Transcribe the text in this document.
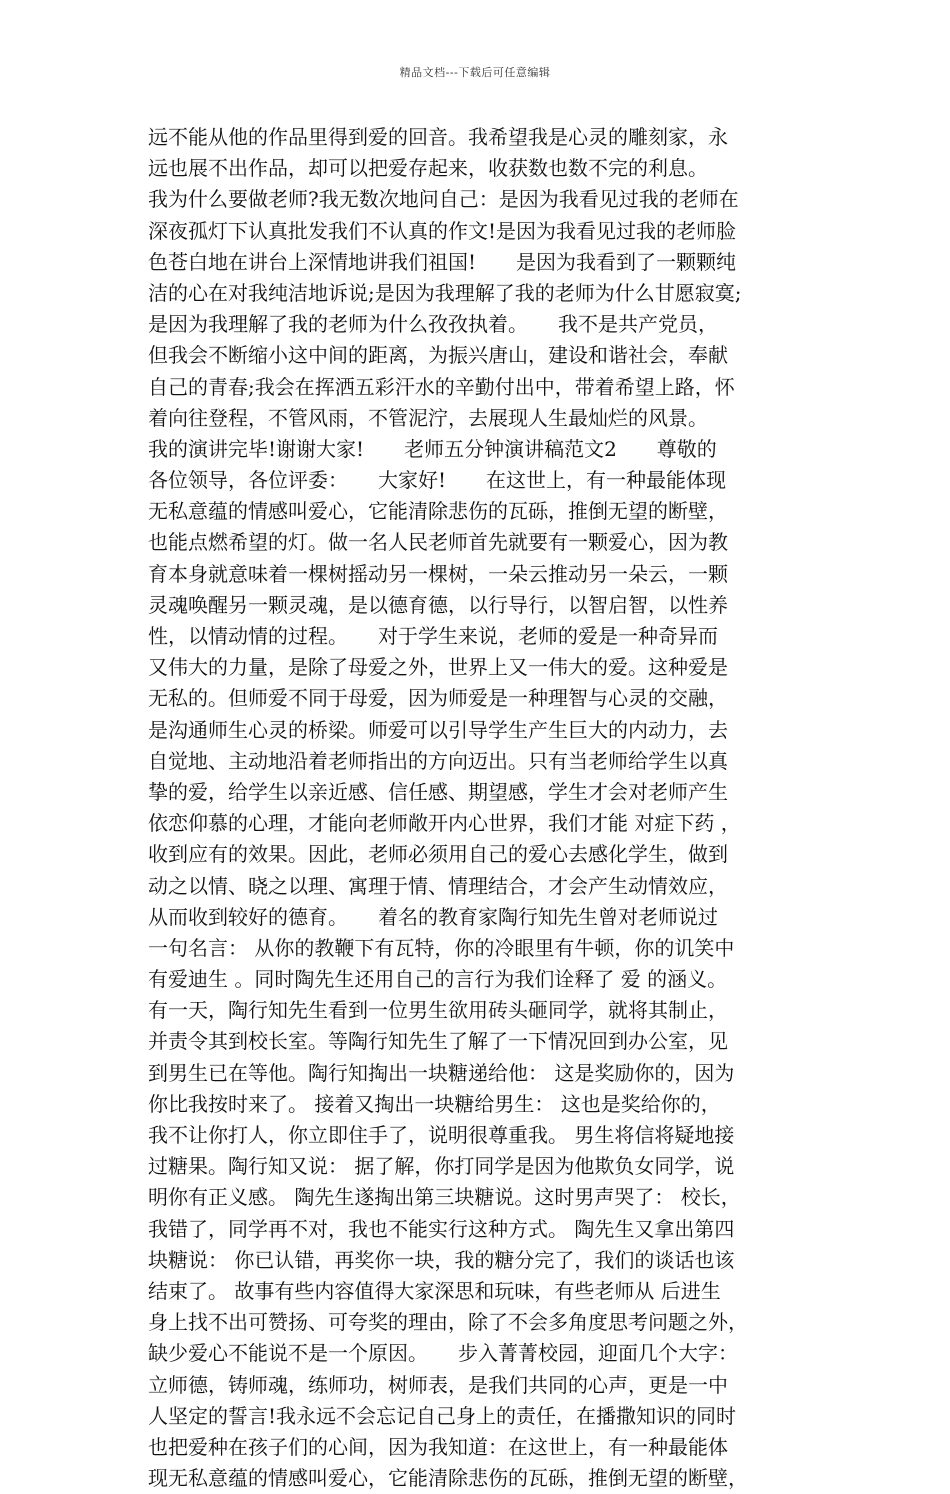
精品文档---下载后可任意编辑
远不能从他的作品里得到爱的回音。我希望我是心灵的雕刻家，永
远也展不出作品，却可以把爱存起来，收获数也数不完的利息。
我为什么要做老师?我无数次地问自己：是因为我看见过我的老师在
深夜孤灯下认真批发我们不认真的作文!是因为我看见过我的老师脸
色苍白地在讲台上深情地讲我们祖国!　　是因为我看到了一颗颗纯
洁的心在对我纯洁地诉说;是因为我理解了我的老师为什么甘愿寂寞;
是因为我理解了我的老师为什么孜孜执着。　　我不是共产党员，
但我会不断缩小这中间的距离，为振兴唐山，建设和谐社会，奉献
自己的青春;我会在挥洒五彩汗水的辛勤付出中，带着希望上路，怀
着向往登程，不管风雨，不管泥泞，去展现人生最灿烂的风景。
我的演讲完毕!谢谢大家!　　老师五分钟演讲稿范文2　　尊敬的
各位领导，各位评委：　　大家好!　　在这世上，有一种最能体现
无私意蕴的情感叫爱心，它能清除悲伤的瓦砾，推倒无望的断壁，
也能点燃希望的灯。做一名人民老师首先就要有一颗爱心，因为教
育本身就意味着一棵树摇动另一棵树，一朵云推动另一朵云，一颗
灵魂唤醒另一颗灵魂，是以德育德，以行导行，以智启智，以性养
性，以情动情的过程。　　对于学生来说，老师的爱是一种奇异而
又伟大的力量，是除了母爱之外，世界上又一伟大的爱。这种爱是
无私的。但师爱不同于母爱，因为师爱是一种理智与心灵的交融，
是沟通师生心灵的桥梁。师爱可以引导学生产生巨大的内动力，去
自觉地、主动地沿着老师指出的方向迈出。只有当老师给学生以真
挚的爱，给学生以亲近感、信任感、期望感，学生才会对老师产生
依恋仰慕的心理，才能向老师敞开内心世界，我们才能 对症下药 ，
收到应有的效果。因此，老师必须用自己的爱心去感化学生，做到
动之以情、晓之以理、寓理于情、情理结合，才会产生动情效应，
从而收到较好的德育。　　着名的教育家陶行知先生曾对老师说过
一句名言： 从你的教鞭下有瓦特，你的冷眼里有牛顿，你的讥笑中
有爱迪生 。同时陶先生还用自己的言行为我们诠释了 爱 的涵义。
有一天，陶行知先生看到一位男生欲用砖头砸同学，就将其制止，
并责令其到校长室。等陶行知先生了解了一下情况回到办公室，见
到男生已在等他。陶行知掏出一块糖递给他： 这是奖励你的，因为
你比我按时来了。 接着又掏出一块糖给男生： 这也是奖给你的，
我不让你打人，你立即住手了，说明很尊重我。 男生将信将疑地接
过糖果。陶行知又说： 据了解，你打同学是因为他欺负女同学，说
明你有正义感。 陶先生遂掏出第三块糖说。这时男声哭了： 校长，
我错了，同学再不对，我也不能实行这种方式。 陶先生又拿出第四
块糖说： 你已认错，再奖你一块，我的糖分完了，我们的谈话也该
结束了。 故事有些内容值得大家深思和玩味，有些老师从 后进生
身上找不出可赞扬、可夸奖的理由，除了不会多角度思考问题之外，
缺少爱心不能说不是一个原因。　　步入菁菁校园，迎面几个大字：
立师德，铸师魂，练师功，树师表，是我们共同的心声，更是一中
人坚定的誓言!我永远不会忘记自己身上的责任，在播撒知识的同时
也把爱种在孩子们的心间，因为我知道：在这世上，有一种最能体
现无私意蕴的情感叫爱心，它能清除悲伤的瓦砾，推倒无望的断壁，
